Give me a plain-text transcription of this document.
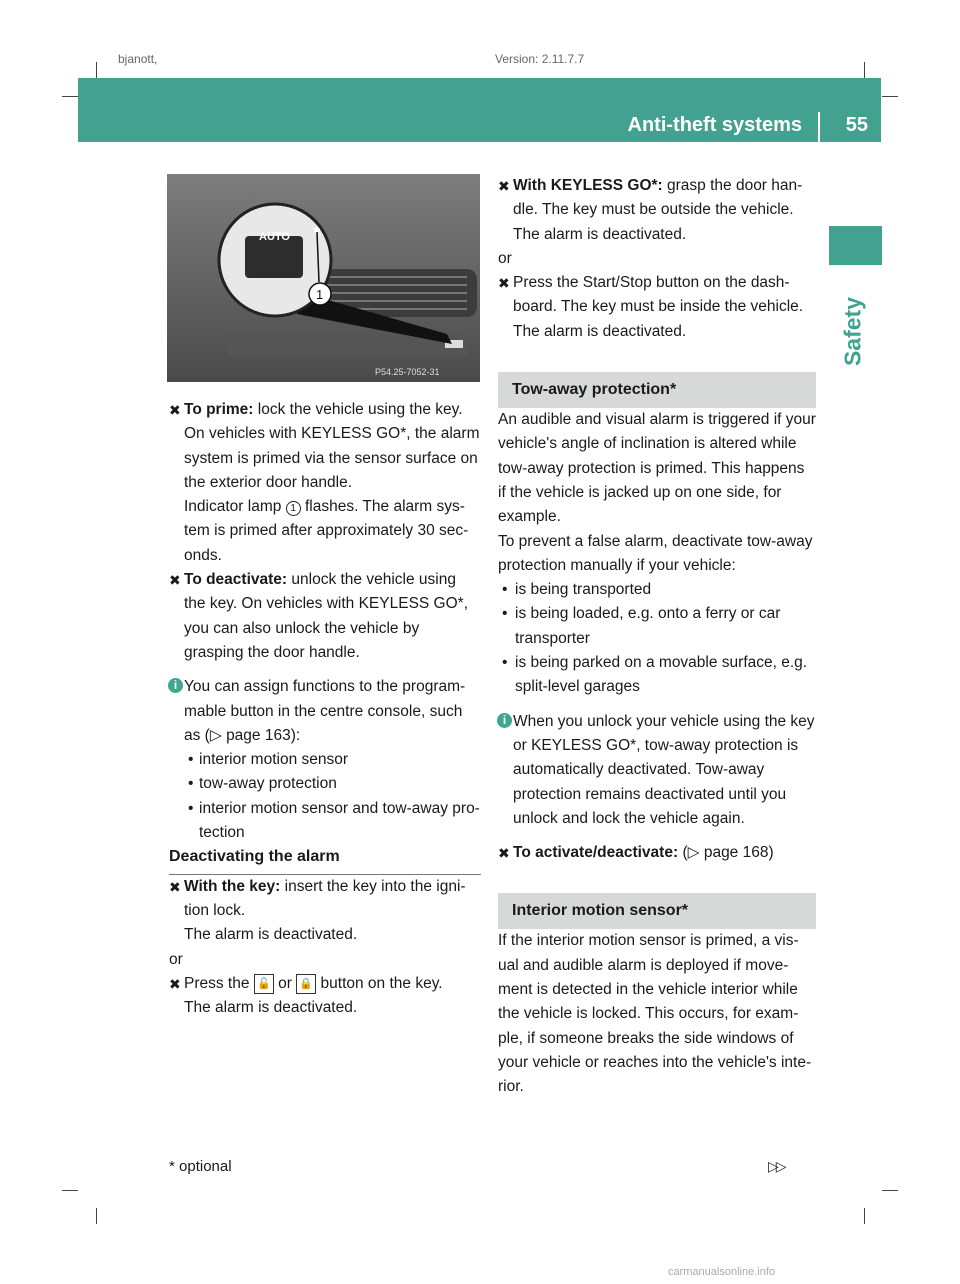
bjanott,	Version: 2.11.7.7
Anti-theft systems 55
Safety
AUTO
1
P54.25-7052-31

✖ To prime: lock the vehicle using the key.

On vehicles with KEYLESS GO*, the alarm system is primed via the sensor surface on the exterior door handle.

Indicator lamp 1 flashes. The alarm sys-tem is primed after approximately 30 sec-onds.

✖ To deactivate: unlock the vehicle using the key. On vehicles with KEYLESS GO*, you can also unlock the vehicle by grasping the door handle.

i You can assign functions to the program-mable button in the centre console, such as (▷ page 163):

• interior motion sensor

• tow-away protection

• interior motion sensor and tow-away pro-tection

Deactivating the alarm

✖ With the key: insert the key into the igni-tion lock.

The alarm is deactivated.

or

✖ Press the 🔓 or 🔒 button on the key.

The alarm is deactivated.

✖ With KEYLESS GO*: grasp the door han-dle. The key must be outside the vehicle.

The alarm is deactivated.

or

✖ Press the Start/Stop button on the dash-board. The key must be inside the vehicle.

The alarm is deactivated.

Tow-away protection*

An audible and visual alarm is triggered if your vehicle's angle of inclination is altered while tow-away protection is primed. This happens if the vehicle is jacked up on one side, for example.

To prevent a false alarm, deactivate tow-away protection manually if your vehicle:

• is being transported

• is being loaded, e.g. onto a ferry or car transporter

• is being parked on a movable surface, e.g. split-level garages

i When you unlock your vehicle using the key or KEYLESS GO*, tow-away protection is automatically deactivated. Tow-away protection remains deactivated until you unlock and lock the vehicle again.

✖ To activate/deactivate: (▷ page 168)

Interior motion sensor*

If the interior motion sensor is primed, a vis-ual and audible alarm is deployed if move-ment is detected in the vehicle interior while the vehicle is locked. This occurs, for exam-ple, if someone breaks the side windows of your vehicle or reaches into the vehicle's inte-rior.

* optional	▷▷
carmanualsonline.info
